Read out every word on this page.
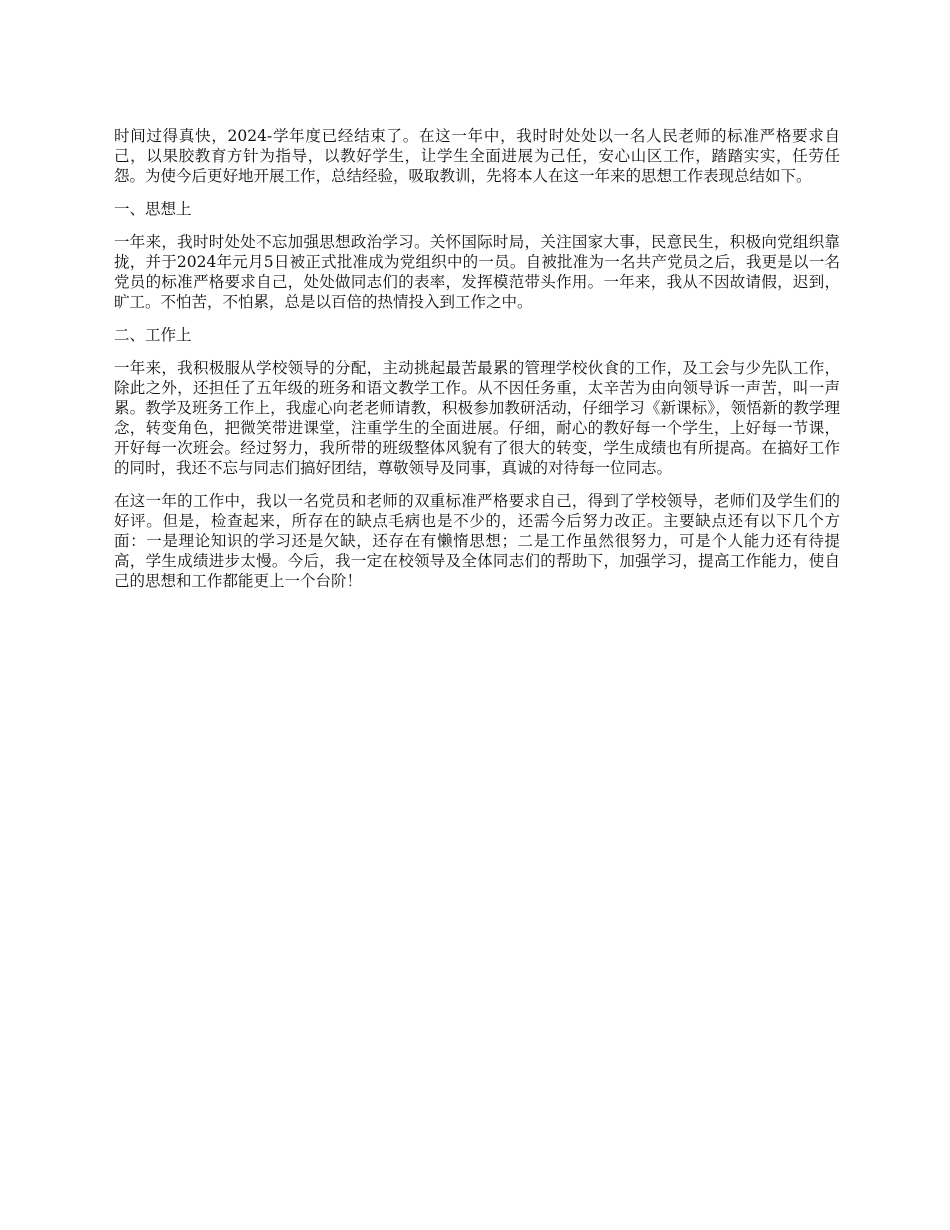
时间过得真快，2024-学年度已经结束了。在这一年中，我时时处处以一名人民老师的标准严格要求自己，以果胶教育方针为指导，以教好学生，让学生全面进展为己任，安心山区工作，踏踏实实，任劳任怨。为使今后更好地开展工作，总结经验，吸取教训，先将本人在这一年来的思想工作表现总结如下。

一、思想上

一年来，我时时处处不忘加强思想政治学习。关怀国际时局，关注国家大事，民意民生，积极向党组织靠拢，并于2024年元月5日被正式批准成为党组织中的一员。自被批准为一名共产党员之后，我更是以一名党员的标准严格要求自己，处处做同志们的表率，发挥模范带头作用。一年来，我从不因故请假，迟到，旷工。不怕苦，不怕累，总是以百倍的热情投入到工作之中。

二、工作上

一年来，我积极服从学校领导的分配，主动挑起最苦最累的管理学校伙食的工作，及工会与少先队工作，除此之外，还担任了五年级的班务和语文教学工作。从不因任务重，太辛苦为由向领导诉一声苦，叫一声累。教学及班务工作上，我虚心向老老师请教，积极参加教研活动，仔细学习《新课标》，领悟新的教学理念，转变角色，把微笑带进课堂，注重学生的全面进展。仔细，耐心的教好每一个学生，上好每一节课，开好每一次班会。经过努力，我所带的班级整体风貌有了很大的转变，学生成绩也有所提高。在搞好工作的同时，我还不忘与同志们搞好团结，尊敬领导及同事，真诚的对待每一位同志。

在这一年的工作中，我以一名党员和老师的双重标准严格要求自己，得到了学校领导，老师们及学生们的好评。但是，检查起来，所存在的缺点毛病也是不少的，还需今后努力改正。主要缺点还有以下几个方面：一是理论知识的学习还是欠缺，还存在有懒惰思想；二是工作虽然很努力，可是个人能力还有待提高，学生成绩进步太慢。今后，我一定在校领导及全体同志们的帮助下，加强学习，提高工作能力，使自己的思想和工作都能更上一个台阶！
